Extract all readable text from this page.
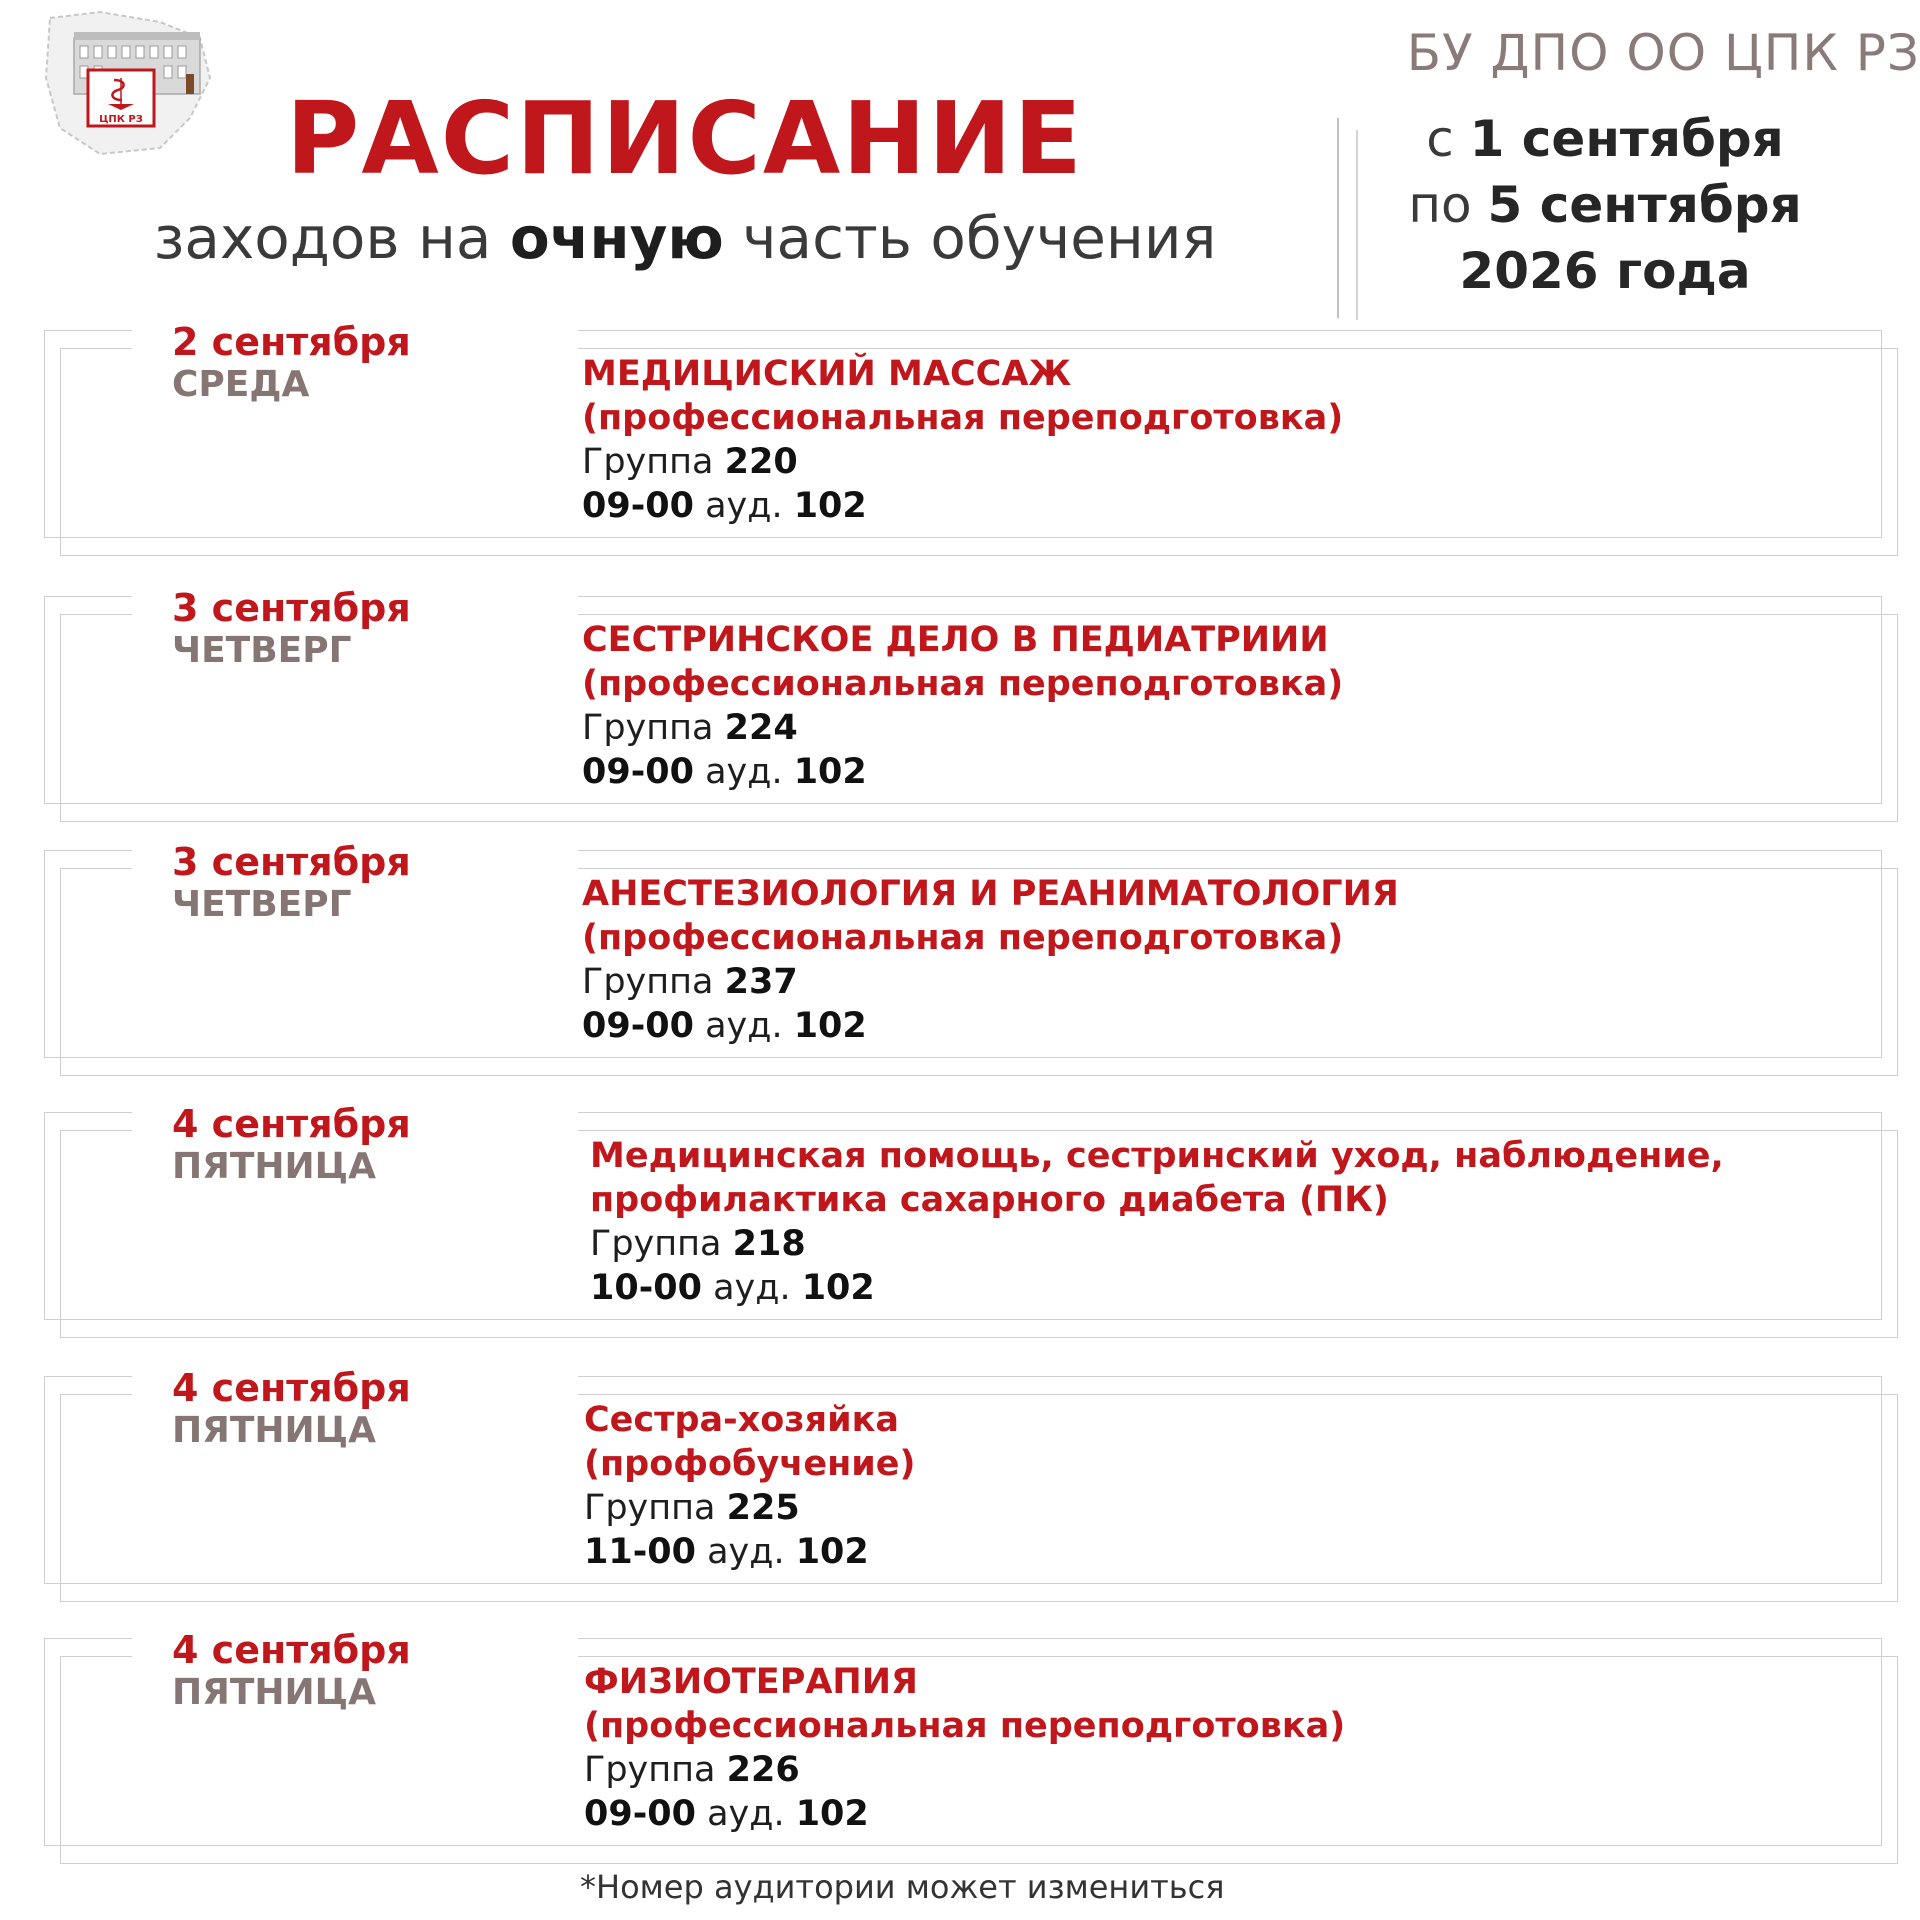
ЦПК РЗ
БУ ДПО ОО ЦПК РЗ
РАСПИСАНИЕ
заходов на очную часть обучения
с 1 сентября
по 5 сентября
2026 года
2 сентября
СРЕДА	МЕДИЦИСКИЙ МАССАЖ
(профессиональная переподготовка)
Группа 220
09-00 ауд. 102
3 сентября
ЧЕТВЕРГ	СЕСТРИНСКОЕ ДЕЛО В ПЕДИАТРИИИ
(профессиональная переподготовка)
Группа 224
09-00 ауд. 102
3 сентября
ЧЕТВЕРГ	АНЕСТЕЗИОЛОГИЯ И РЕАНИМАТОЛОГИЯ
(профессиональная переподготовка)
Группа 237
09-00 ауд. 102
4 сентября
ПЯТНИЦА	Медицинская помощь, сестринский уход, наблюдение,
профилактика сахарного диабета (ПК)
Группа 218
10-00 ауд. 102
4 сентября
ПЯТНИЦА	Сестра-хозяйка
(профобучение)
Группа 225
11-00 ауд. 102
4 сентября
ПЯТНИЦА	ФИЗИОТЕРАПИЯ
(профессиональная переподготовка)
Группа 226
09-00 ауд. 102
*Номер аудитории может измениться
